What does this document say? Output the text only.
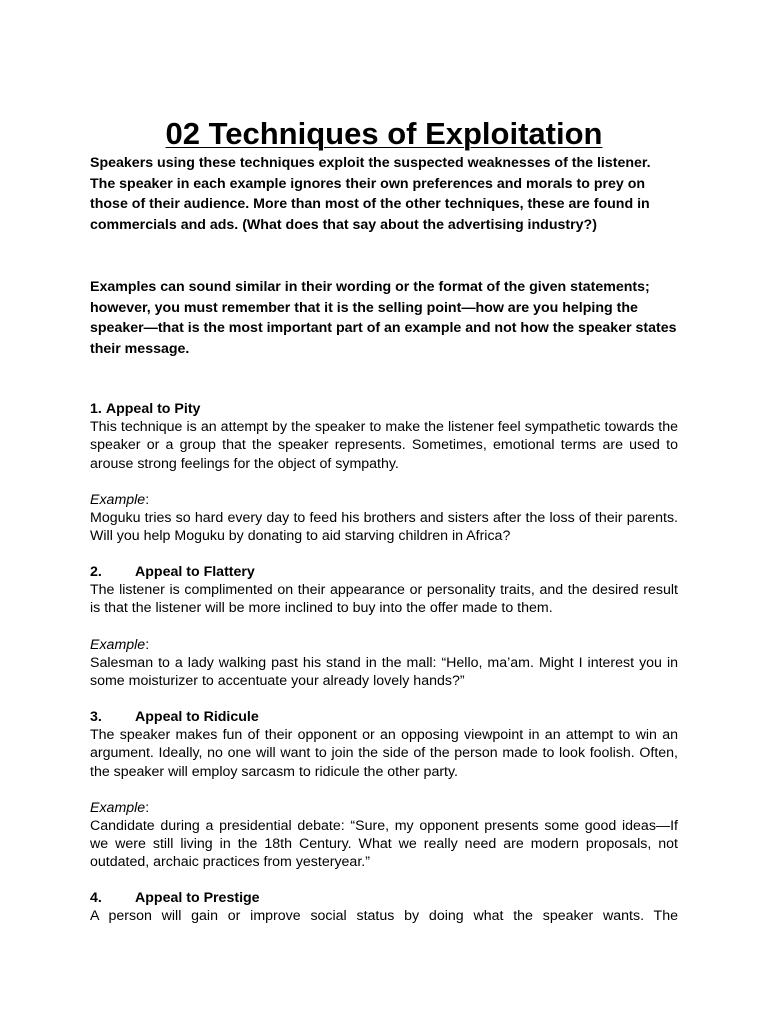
02 Techniques of Exploitation

Speakers using these techniques exploit the suspected weaknesses of the listener. The speaker in each example ignores their own preferences and morals to prey on those of their audience. More than most of the other techniques, these are found in commercials and ads. (What does that say about the advertising industry?)

Examples can sound similar in their wording or the format of the given statements; however, you must remember that it is the selling point—how are you helping the speaker—that is the most important part of an example and not how the speaker states their message.

1. Appeal to Pity

This technique is an attempt by the speaker to make the listener feel sympathetic towards the speaker or a group that the speaker represents. Sometimes, emotional terms are used to arouse strong feelings for the object of sympathy.

Example:

Moguku tries so hard every day to feed his brothers and sisters after the loss of their parents. Will you help Moguku by donating to aid starving children in Africa?

2. Appeal to Flattery

The listener is complimented on their appearance or personality traits, and the desired result is that the listener will be more inclined to buy into the offer made to them.

Example:

Salesman to a lady walking past his stand in the mall: “Hello, ma’am. Might I interest you in some moisturizer to accentuate your already lovely hands?”

3. Appeal to Ridicule

The speaker makes fun of their opponent or an opposing viewpoint in an attempt to win an argument. Ideally, no one will want to join the side of the person made to look foolish. Often, the speaker will employ sarcasm to ridicule the other party.

Example:

Candidate during a presidential debate: “Sure, my opponent presents some good ideas—If we were still living in the 18th Century. What we really need are modern proposals, not outdated, archaic practices from yesteryear.”

4. Appeal to Prestige

A person will gain or improve social status by doing what the speaker wants. The
